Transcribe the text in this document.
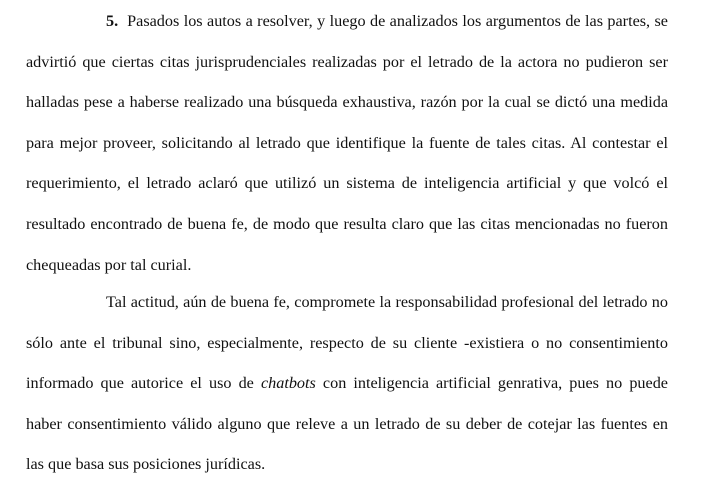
5. Pasados los autos a resolver, y luego de analizados los argumentos de las partes, se advirtió que ciertas citas jurisprudenciales realizadas por el letrado de la actora no pudieron ser halladas pese a haberse realizado una búsqueda exhaustiva, razón por la cual se dictó una medida para mejor proveer, solicitando al letrado que identifique la fuente de tales citas. Al contestar el requerimiento, el letrado aclaró que utilizó un sistema de inteligencia artificial y que volcó el resultado encontrado de buena fe, de modo que resulta claro que las citas mencionadas no fueron chequeadas por tal curial.

Tal actitud, aún de buena fe, compromete la responsabilidad profesional del letrado no sólo ante el tribunal sino, especialmente, respecto de su cliente -existiera o no consentimiento informado que autorice el uso de chatbots con inteligencia artificial genrativa, pues no puede haber consentimiento válido alguno que releve a un letrado de su deber de cotejar las fuentes en las que basa sus posiciones jurídicas.
